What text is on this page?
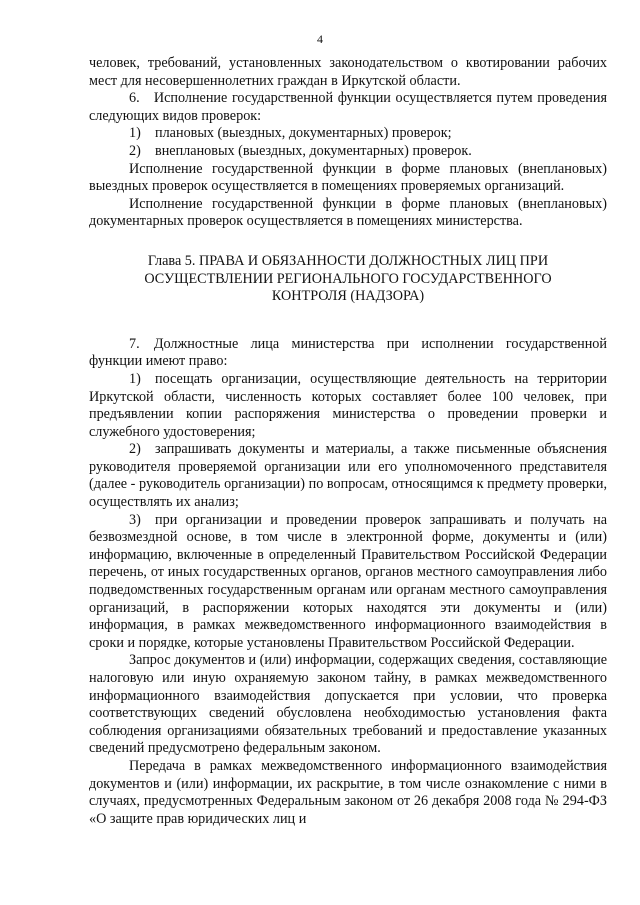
4

человек, требований, установленных законодательством о квотировании рабочих мест для несовершеннолетних граждан в Иркутской области.

6. Исполнение государственной функции осуществляется путем проведения следующих видов проверок:

1) плановых (выездных, документарных) проверок;

2) внеплановых (выездных, документарных) проверок.

Исполнение государственной функции в форме плановых (внеплановых) выездных проверок осуществляется в помещениях проверяемых организаций.

Исполнение государственной функции в форме плановых (внеплановых) документарных проверок осуществляется в помещениях министерства.

Глава 5. ПРАВА И ОБЯЗАННОСТИ ДОЛЖНОСТНЫХ ЛИЦ ПРИ
ОСУЩЕСТВЛЕНИИ РЕГИОНАЛЬНОГО ГОСУДАРСТВЕННОГО
КОНТРОЛЯ (НАДЗОРА)

7. Должностные лица министерства при исполнении государственной функции имеют право:

1) посещать организации, осуществляющие деятельность на территории Иркутской области, численность которых составляет более 100 человек, при предъявлении копии распоряжения министерства о проведении проверки и служебного удостоверения;

2) запрашивать документы и материалы, а также письменные объяснения руководителя проверяемой организации или его уполномоченного представителя (далее - руководитель организации) по вопросам, относящимся к предмету проверки, осуществлять их анализ;

3) при организации и проведении проверок запрашивать и получать на безвозмездной основе, в том числе в электронной форме, документы и (или) информацию, включенные в определенный Правительством Российской Федерации перечень, от иных государственных органов, органов местного самоуправления либо подведомственных государственным органам или органам местного самоуправления организаций, в распоряжении которых находятся эти документы и (или) информация, в рамках межведомственного информационного взаимодействия в сроки и порядке, которые установлены Правительством Российской Федерации.

Запрос документов и (или) информации, содержащих сведения, составляющие налоговую или иную охраняемую законом тайну, в рамках межведомственного информационного взаимодействия допускается при условии, что проверка соответствующих сведений обусловлена необходимостью установления факта соблюдения организациями обязательных требований и предоставление указанных сведений предусмотрено федеральным законом.

Передача в рамках межведомственного информационного взаимодействия документов и (или) информации, их раскрытие, в том числе ознакомление с ними в случаях, предусмотренных Федеральным законом от 26 декабря 2008 года № 294-ФЗ «О защите прав юридических лиц и
